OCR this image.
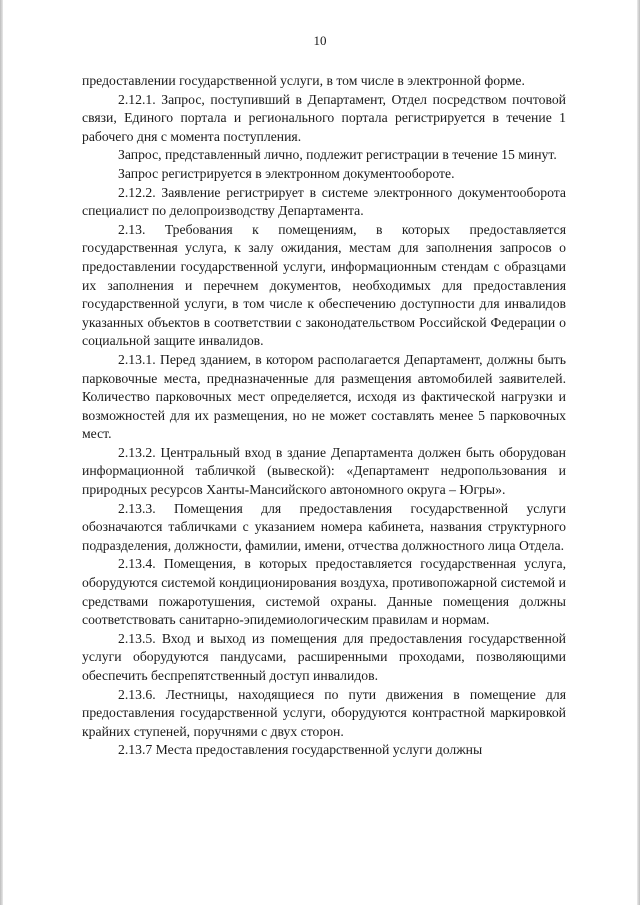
10

предоставлении государственной услуги, в том числе в электронной форме.

2.12.1. Запрос, поступивший в Департамент, Отдел посредством почтовой связи, Единого портала и регионального портала регистрируется в течение 1 рабочего дня с момента поступления.

Запрос, представленный лично, подлежит регистрации в течение 15 минут.

Запрос регистрируется в электронном документообороте.

2.12.2. Заявление регистрирует в системе электронного документооборота специалист по делопроизводству Департамента.

2.13. Требования к помещениям, в которых предоставляется государственная услуга, к залу ожидания, местам для заполнения запросов о предоставлении государственной услуги, информационным стендам с образцами их заполнения и перечнем документов, необходимых для предоставления государственной услуги, в том числе к обеспечению доступности для инвалидов указанных объектов в соответствии с законодательством Российской Федерации о социальной защите инвалидов.

2.13.1. Перед зданием, в котором располагается Департамент, должны быть парковочные места, предназначенные для размещения автомобилей заявителей. Количество парковочных мест определяется, исходя из фактической нагрузки и возможностей для их размещения, но не может составлять менее 5 парковочных мест.

2.13.2. Центральный вход в здание Департамента должен быть оборудован информационной табличкой (вывеской): «Департамент недропользования и природных ресурсов Ханты-Мансийского автономного округа – Югры».

2.13.3. Помещения для предоставления государственной услуги обозначаются табличками с указанием номера кабинета, названия структурного подразделения, должности, фамилии, имени, отчества должностного лица Отдела.

2.13.4. Помещения, в которых предоставляется государственная услуга, оборудуются системой кондиционирования воздуха, противопожарной системой и средствами пожаротушения, системой охраны. Данные помещения должны соответствовать санитарно-эпидемиологическим правилам и нормам.

2.13.5. Вход и выход из помещения для предоставления государственной услуги оборудуются пандусами, расширенными проходами, позволяющими обеспечить беспрепятственный доступ инвалидов.

2.13.6. Лестницы, находящиеся по пути движения в помещение для предоставления государственной услуги, оборудуются контрастной маркировкой крайних ступеней, поручнями с двух сторон.

2.13.7 Места предоставления государственной услуги должны
